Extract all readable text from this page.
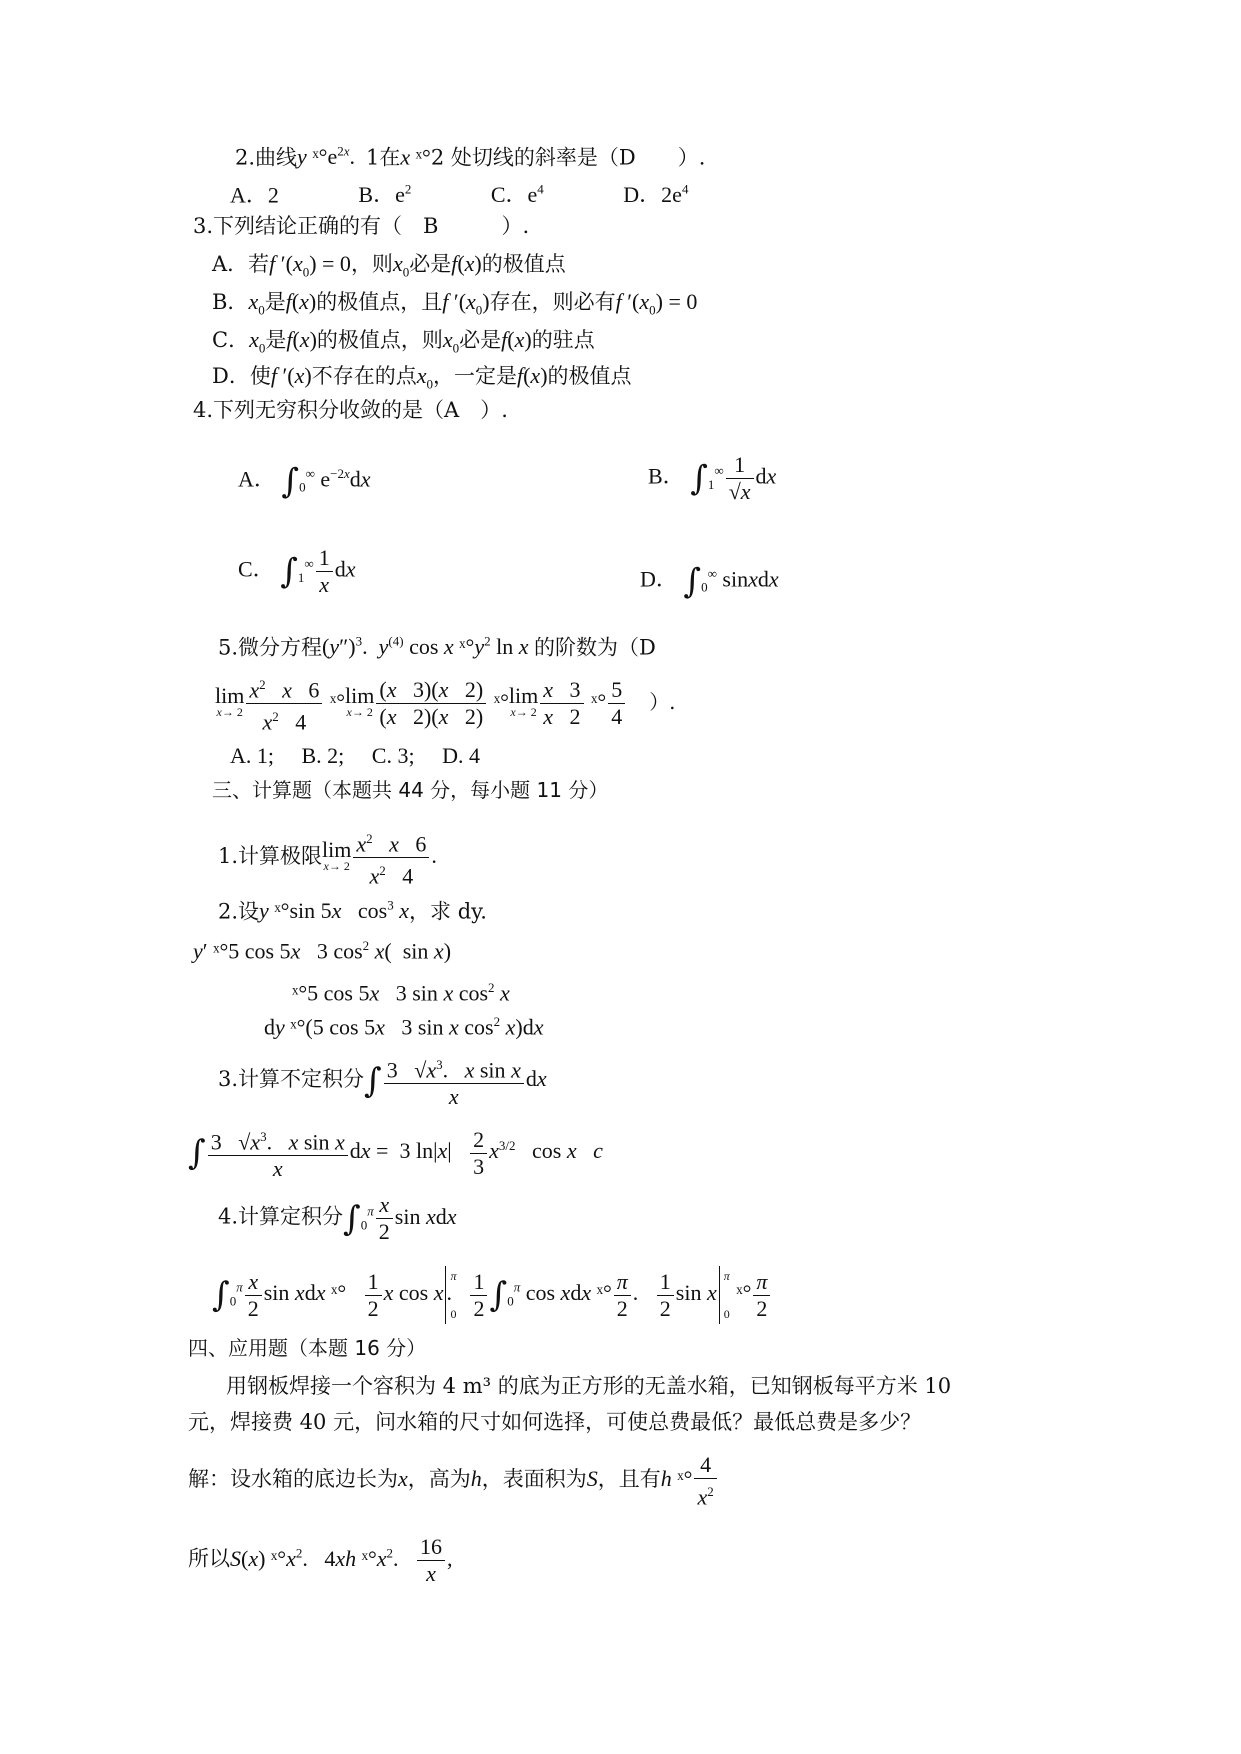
2.曲线y $ˣ^\circ e^{2x}$.  1在x ˣ°2 处切线的斜率是（D　　）.
A．2	B．$e^2$	C．$e^4$	D．$2e^4$
3.下列结论正确的有（　B　　　）.
A．若f $'(x_0) = 0$，则$x_0$必是f(x)的极值点
B．$x_0$是f(x)的极值点，且f $'(x_0)$存在，则必有f $'(x_0) = 0$
C．$x_0$是f(x)的极值点，则$x_0$必是f(x)的驻点
D．使f ′(x)不存在的点$x_0$，一定是f(x)的极值点
4.下列无穷积分收敛的是（A　）.
A． $\int_0^\infty$ $e^{-2x}dx$	B． $\int_1^\infty \frac{1}{√x}$ dx
C． $\int_1^\infty \frac{1}{x}$ dx	D． $\int_0^\infty$ sinxdx
5.微分方程$(y'')^3$.  $y^{(4)}$ cos x $ˣ^\circ y^2$ ln x 的阶数为（D
lim
$x\to 2 \frac{x^2 x 6}{x^2 4}$ ˣ°lim
$x\to 2 \frac{(x 3)(x 2)}{(x 2)(x 2)}$ ˣ°lim
$x\to 2 \frac{x 3}{x 2}$ ˣ° $\frac{5}{4}$ ）.
A. 1;　 B. 2;　 C. 3;　 D. 4
三、计算题（本题共 44 分，每小题 11 分）
1.计算极限lim
$x\to 2 \frac{x^2 x 6}{x^2 4}$ .
2.设y ˣ°sin 5x   $\cos^3 x$，求 dy.
y′ ˣ°5 cos 5x   3 $\cos^2 x$(  sin x)
ˣ°5 cos 5x   3 sin x $\cos^2 x$
dy ˣ°(5 cos 5x   3 sin x $\cos^2 x)dx$
3.计算不定积分∫ $\frac{3 √x^3. x \sin x}{x}$ dx
∫ $\frac{3 √x^3. x \sin x}{x}$ dx =  3 $\ln|x| \frac{2}{3} x^{3/2}$   cos x c
4.计算定积分$\int_0^\pi \frac{x}{2}$ sin xdx
$\int_0^\pi \frac{x}{2}$ sin xdx ˣ° $\frac{1}{2}$ x cos x
π
0
. $\frac{1}{2} \int_0^\pi$ cos xdx ˣ° $\frac{\pi}{2}$ . $\frac{1}{2}$ sin x
π
0
ˣ° $\frac{\pi}{2}$
四、应用题（本题 16 分）
用钢板焊接一个容积为 4 m³ 的底为正方形的无盖水箱，已知钢板每平方米 10
元，焊接费 40 元，问水箱的尺寸如何选择，可使总费最低？最低总费是多少？
解：设水箱的底边长为x，高为h，表面积为S，且有h ˣ° $\frac{4}{x^2}$
所以S(x) $ˣ^\circ x^2$.   4xh $ˣ^\circ x^2$. $\frac{16}{x}$ ,
